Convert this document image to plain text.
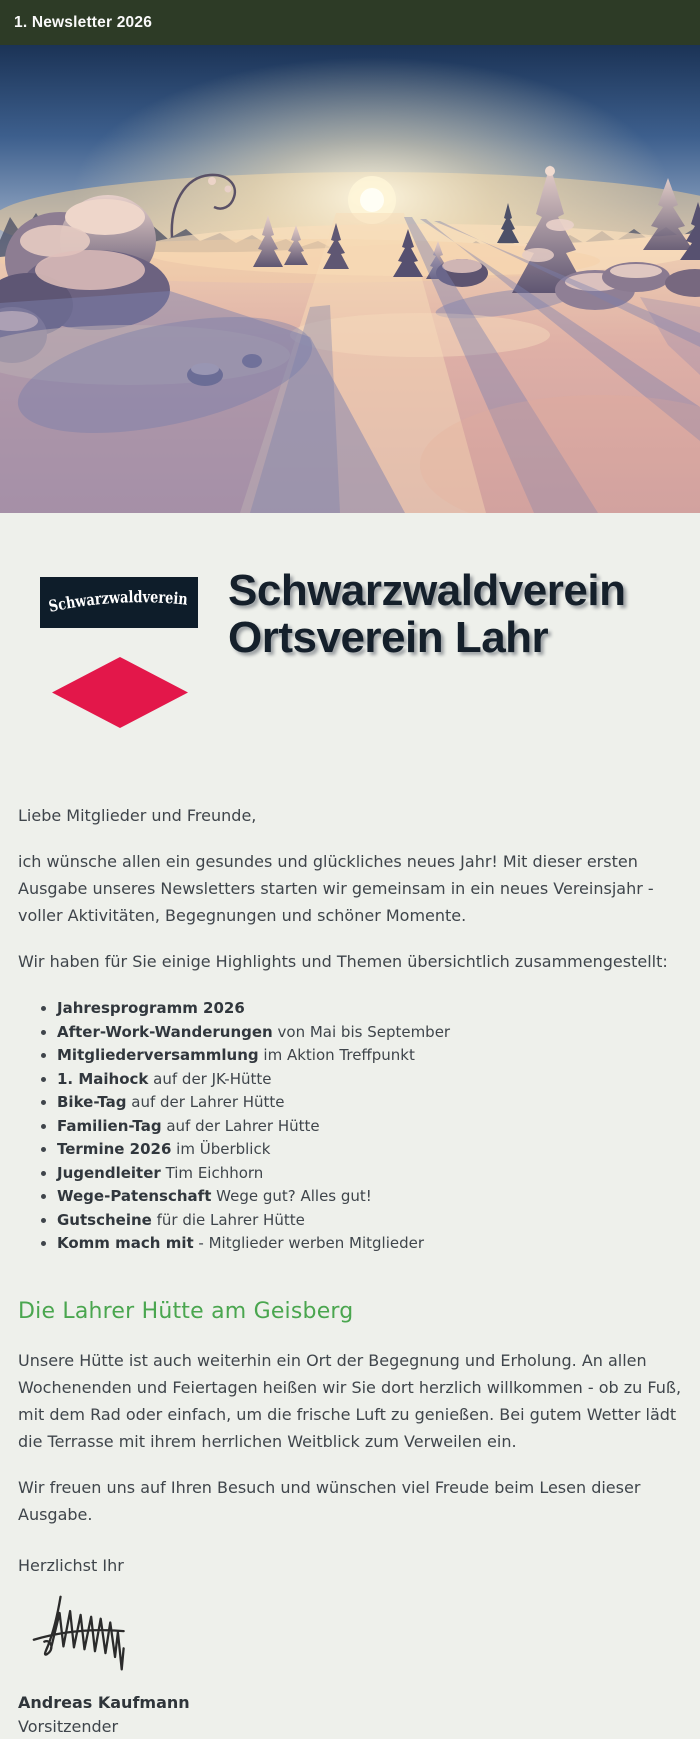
1. Newsletter 2026
Schwarzwaldverein Schwarzwaldverein
Ortsverein Lahr
Liebe Mitglieder und Freunde,

ich wünsche allen ein gesundes und glückliches neues Jahr! Mit dieser ersten Ausgabe unseres Newsletters starten wir gemeinsam in ein neues Vereinsjahr - voller Aktivitäten, Begegnungen und schöner Momente.

Wir haben für Sie einige Highlights und Themen übersichtlich zusammengestellt:

• Jahresprogramm 2026
• After-Work-Wanderungen von Mai bis September
• Mitgliederversammlung im Aktion Treffpunkt
• 1. Maihock auf der JK-Hütte
• Bike-Tag auf der Lahrer Hütte
• Familien-Tag auf der Lahrer Hütte
• Termine 2026 im Überblick
• Jugendleiter Tim Eichhorn
• Wege-Patenschaft Wege gut? Alles gut!
• Gutscheine für die Lahrer Hütte
• Komm mach mit - Mitglieder werben Mitglieder
Die Lahrer Hütte am Geisberg

Unsere Hütte ist auch weiterhin ein Ort der Begegnung und Erholung. An allen Wochenenden und Feiertagen heißen wir Sie dort herzlich willkommen - ob zu Fuß, mit dem Rad oder einfach, um die frische Luft zu genießen. Bei gutem Wetter lädt die Terrasse mit ihrem herrlichen Weitblick zum Verweilen ein.

Wir freuen uns auf Ihren Besuch und wünschen viel Freude beim Lesen dieser Ausgabe.

Herzlichst Ihr
Andreas Kaufmann
Vorsitzender
